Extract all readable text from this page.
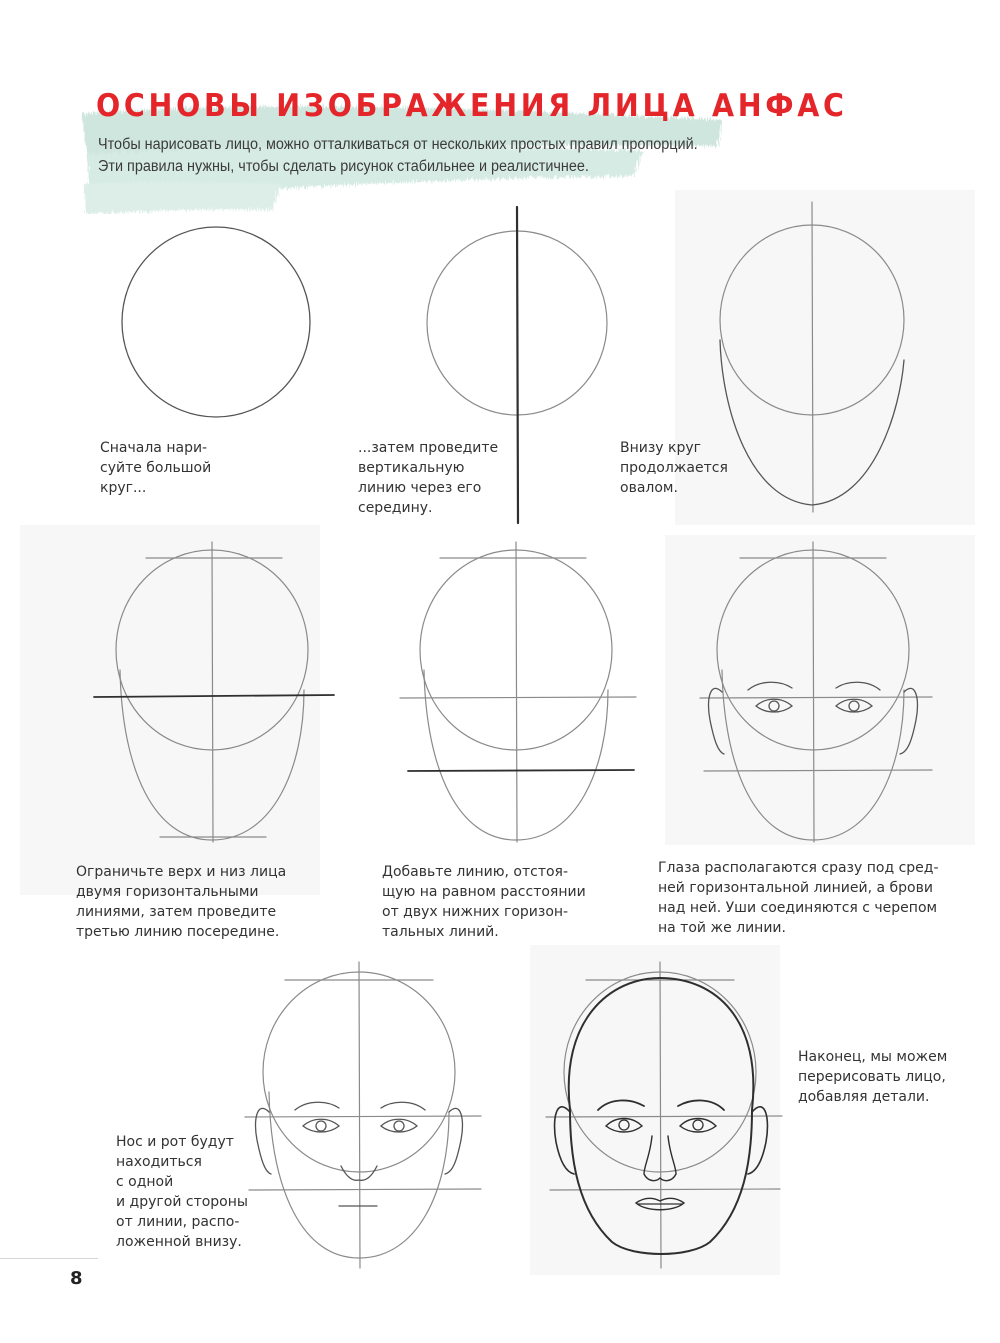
ОСНОВЫ ИЗОБРАЖЕНИЯ ЛИЦА АНФАС
Чтобы нарисовать лицо, можно отталкиваться от нескольких простых правил пропорций.
Эти правила нужны, чтобы сделать рисунок стабильнее и реалистичнее.

Сначала нари-
суйте большой
круг...

...затем проведите
вертикальную
линию через его
середину.

Внизу круг
продолжается
овалом.

Ограничьте верх и низ лица
двумя горизонтальными
линиями, затем проведите
третью линию посередине.

Добавьте линию, отстоя-
щую на равном расстоянии
от двух нижних горизон-
тальных линий.

Глаза располагаются сразу под сред-
ней горизонтальной линией, а брови
над ней. Уши соединяются с черепом
на той же линии.

Нос и рот будут
находиться
с одной
и другой стороны
от линии, распо-
ложенной внизу.

Наконец, мы можем
перерисовать лицо,
добавляя детали.

8
